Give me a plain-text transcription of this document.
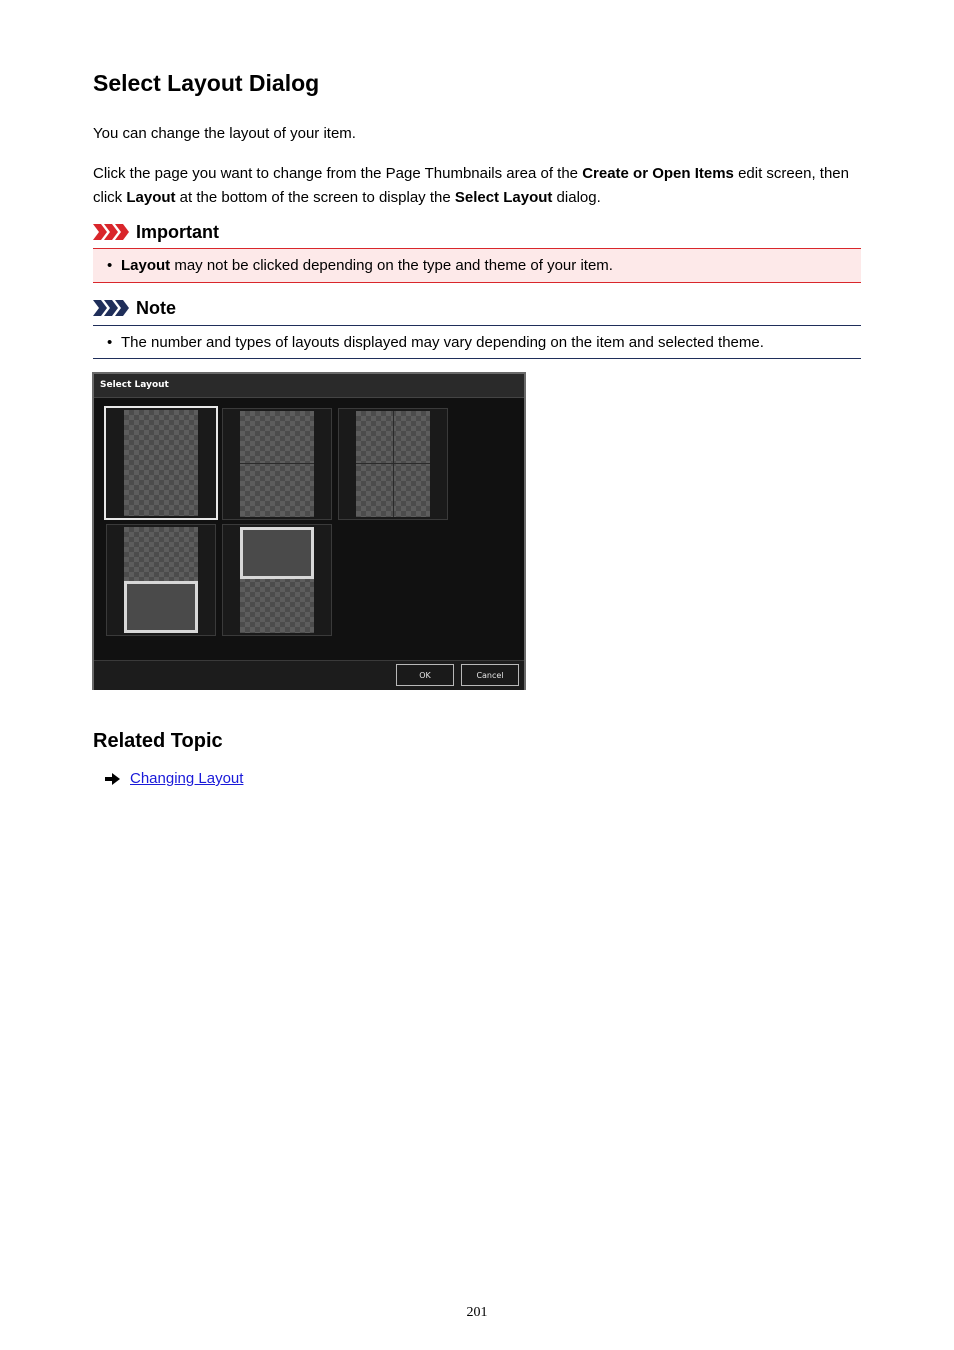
Select Layout Dialog
You can change the layout of your item.
Click the page you want to change from the Page Thumbnails area of the Create or Open Items edit screen, then click Layout at the bottom of the screen to display the Select Layout dialog.
Important
• Layout may not be clicked depending on the type and theme of your item.
Note
• The number and types of layouts displayed may vary depending on the item and selected theme.
Select Layout
OK	Cancel
Related Topic
Changing Layout
201
